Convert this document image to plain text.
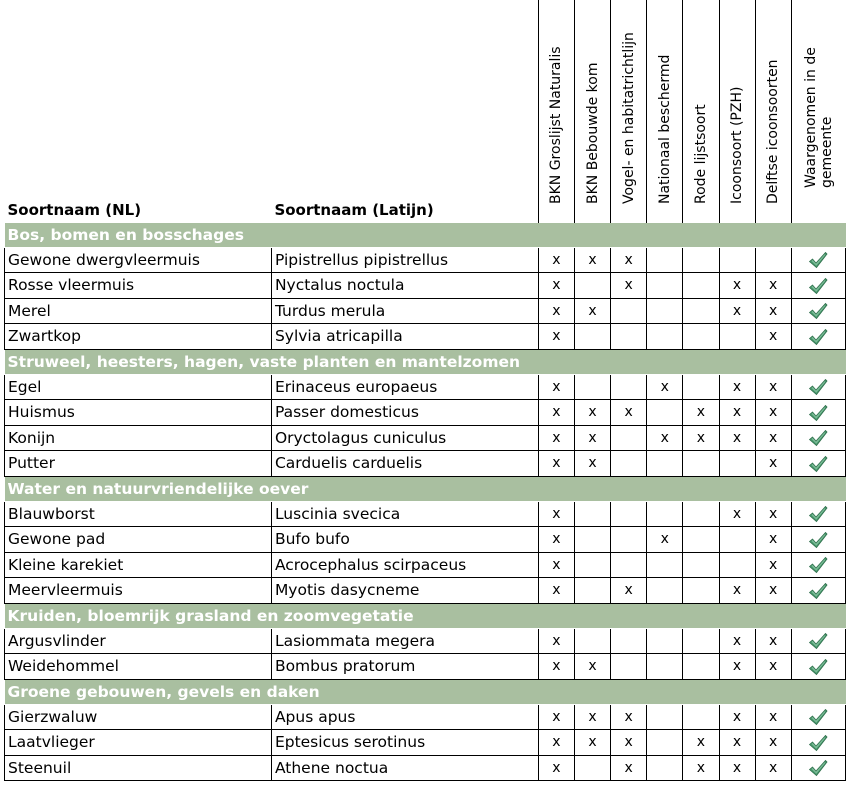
Soortnaam (NL)	Soortnaam (Latijn)	BKN Groslijst Naturalis	BKN Bebouwde kom	Vogel- en habitatrichtlijn	Nationaal beschermd	Rode lijstsoort	Icoonsoort (PZH)	Delftse icoonsoorten	Waargenomen in de gemeente

Bos, bomen en bosschages									
Gewone dwergvleermuis	Pipistrellus pipistrellus	x	x	x					
Rosse vleermuis	Nyctalus noctula	x		x			x	x	
Merel	Turdus merula	x	x				x	x	
Zwartkop	Sylvia atricapilla	x						x	
Struweel, heesters, hagen, vaste planten en mantelzomen									
Egel	Erinaceus europaeus	x			x		x	x	
Huismus	Passer domesticus	x	x	x		x	x	x	
Konijn	Oryctolagus cuniculus	x	x		x	x	x	x	
Putter	Carduelis carduelis	x	x					x	
Water en natuurvriendelijke oever									
Blauwborst	Luscinia svecica	x					x	x	
Gewone pad	Bufo bufo	x			x			x	
Kleine karekiet	Acrocephalus scirpaceus	x						x	
Meervleermuis	Myotis dasycneme	x		x			x	x	
Kruiden, bloemrijk grasland en zoomvegetatie									
Argusvlinder	Lasiommata megera	x					x	x	
Weidehommel	Bombus pratorum	x	x				x	x	
Groene gebouwen, gevels en daken									
Gierzwaluw	Apus apus	x	x	x			x	x	
Laatvlieger	Eptesicus serotinus	x	x	x		x	x	x	
Steenuil	Athene noctua	x		x		x	x	x	
